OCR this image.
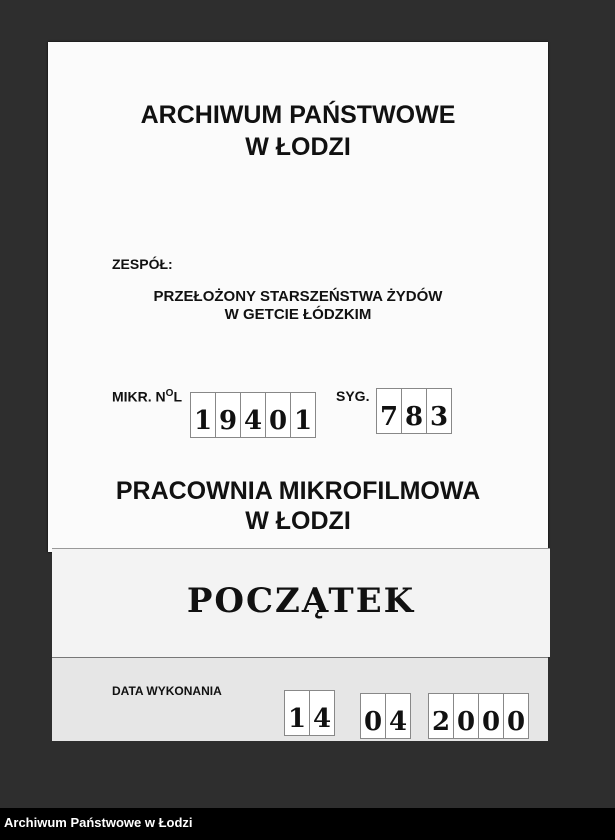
ARCHIWUM PAŃSTWOWE
W ŁODZI
ZESPÓŁ:
PRZEŁOŻONY STARSZEŃSTWA ŻYDÓW
W GETCIE ŁÓDZKIM
MIKR. $N^OL$
1 9 4 0 1
SYG.
7 8 3
PRACOWNIA MIKROFILMOWA
W ŁODZI
POCZĄTEK
DATA WYKONANIA
1 4 0 4 2 0 0 0
Archiwum Państwowe w Łodzi
